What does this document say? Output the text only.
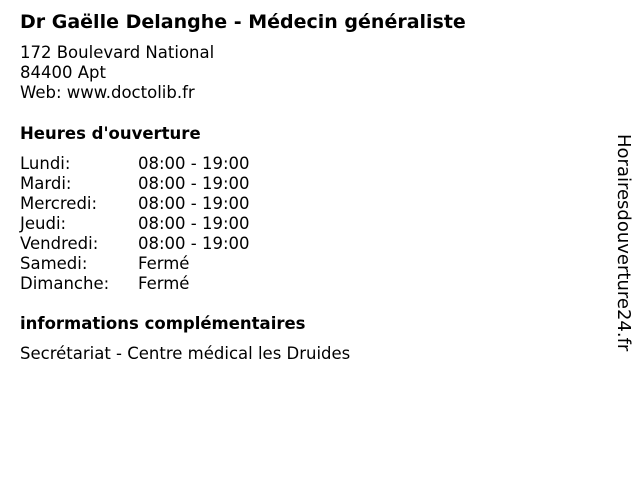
Dr Gaëlle Delanghe - Médecin généraliste
172 Boulevard National
84400 Apt
Web: www.doctolib.fr
Heures d'ouverture
Lundi:	08:00 - 19:00
Mardi:	08:00 - 19:00
Mercredi:	08:00 - 19:00
Jeudi:	08:00 - 19:00
Vendredi:	08:00 - 19:00
Samedi:	Fermé
Dimanche:	Fermé
informations complémentaires
Secrétariat - Centre médical les Druides
Horairesdouverture24.fr
